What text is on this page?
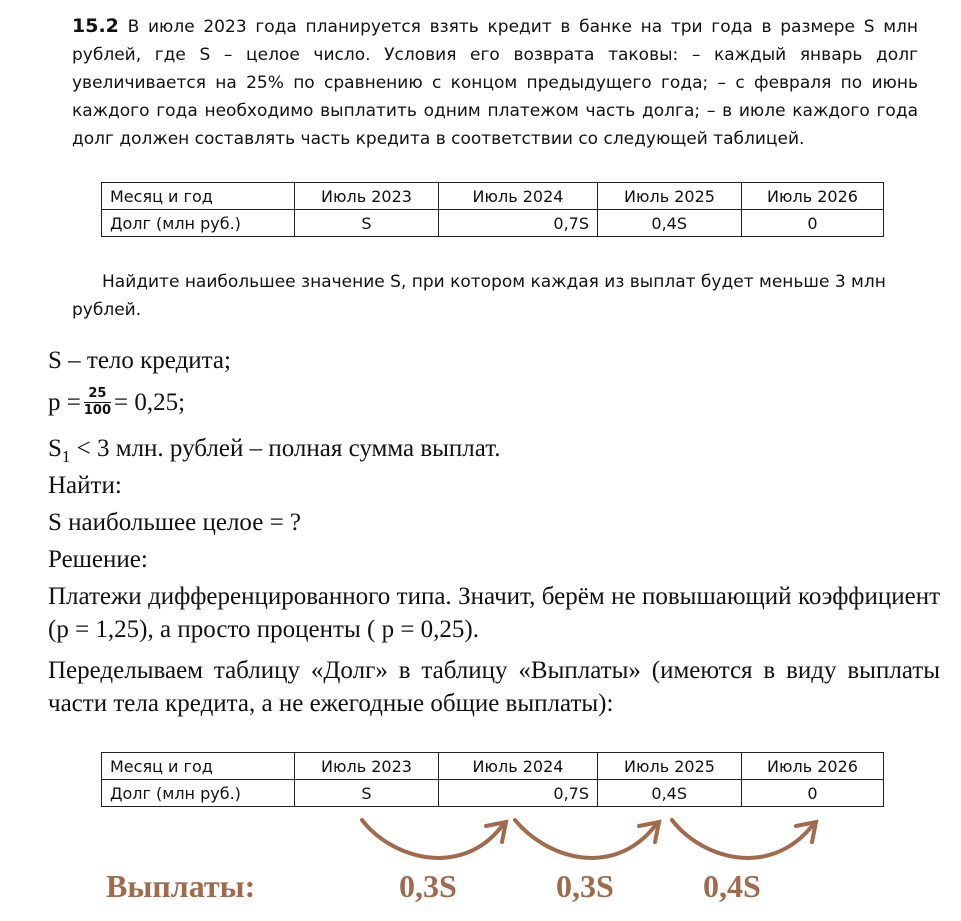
15.2 В июле 2023 года планируется взять кредит в банке на три года в размере S млн рублей, где S – целое число. Условия его возврата таковы: – каждый январь долг увеличивается на 25% по сравнению с концом предыдущего года; – с февраля по июнь каждого года необходимо выплатить одним платежом часть долга; – в июле каждого года долг должен составлять часть кредита в соответствии со следующей таблицей.
Месяц и год	Июль 2023	Июль 2024	Июль 2025	Июль 2026
Долг (млн руб.)	S	0,7S	0,4S	0
Найдите наибольшее значение S, при котором каждая из выплат будет меньше 3 млн рублей.
S – тело кредита;
$p = \frac{25}{100} = 0,25$;
$S_1 < 3$ млн. рублей – полная сумма выплат.
Найти:
S наибольшее целое = ?
Решение:
Платежи дифференцированного типа. Значит, берём не повышающий коэффициент (p = 1,25), а просто проценты ( p = 0,25).
Переделываем таблицу «Долг» в таблицу «Выплаты» (имеются в виду выплаты части тела кредита, а не ежегодные общие выплаты):
Месяц и год	Июль 2023	Июль 2024	Июль 2025	Июль 2026
Долг (млн руб.)	S	0,7S	0,4S	0
Выплаты:	0,3S	0,3S	0,4S
